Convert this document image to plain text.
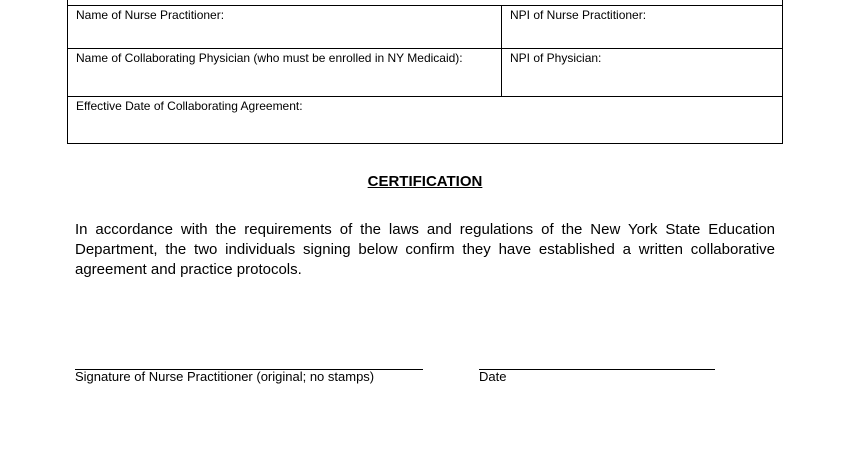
Name of Nurse Practitioner:	NPI of Nurse Practitioner:
Name of Collaborating Physician (who must be enrolled in NY Medicaid):	NPI of Physician:
Effective Date of Collaborating Agreement:
CERTIFICATION
In accordance with the requirements of the laws and regulations of the New York State Education Department, the two individuals signing below confirm they have established a written collaborative agreement and practice protocols.
Signature of Nurse Practitioner (original; no stamps)	Date
